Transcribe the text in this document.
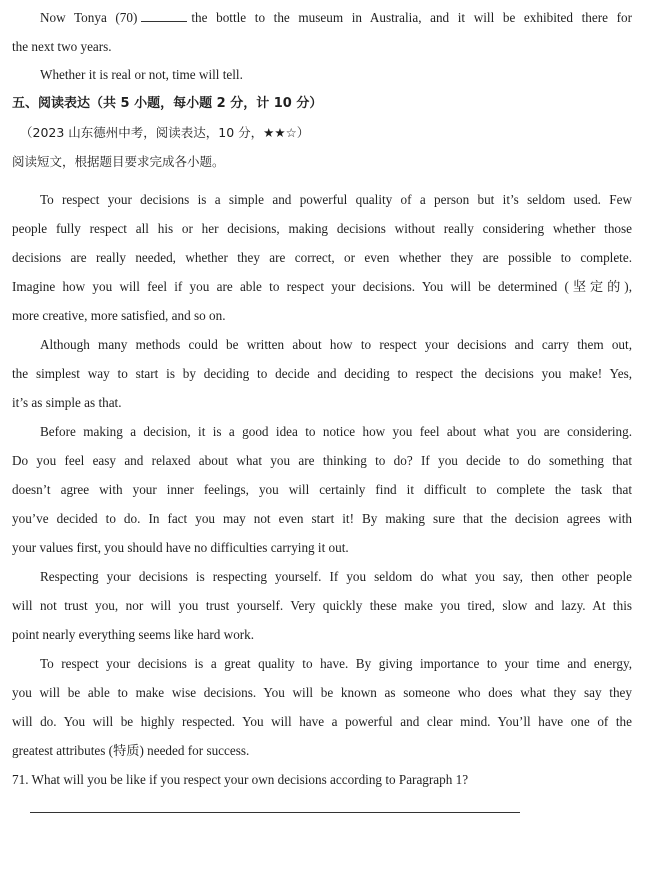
Now Tonya (70)	the bottle to the museum in Australia, and it will be exhibited there for
the next two years.
Whether it is real or not, time will tell.
五、阅读表达（共 5 小题，每小题 2 分，计 10 分）
（2023 山东德州中考，阅读表达，10 分，★★☆）
阅读短文，根据题目要求完成各小题。
To respect your decisions is a simple and powerful quality of a person but it’s seldom used. Few
people fully respect all his or her decisions, making decisions without really considering whether those
decisions are really needed, whether they are correct, or even whether they are possible to complete.
Imagine how you will feel if you are able to respect your decisions. You will be determined (坚定的),
more creative, more satisfied, and so on.
Although many methods could be written about how to respect your decisions and carry them out,
the simplest way to start is by deciding to decide and deciding to respect the decisions you make! Yes,
it’s as simple as that.
Before making a decision, it is a good idea to notice how you feel about what you are considering.
Do you feel easy and relaxed about what you are thinking to do? If you decide to do something that
doesn’t agree with your inner feelings, you will certainly find it difficult to complete the task that
you’ve decided to do. In fact you may not even start it! By making sure that the decision agrees with
your values first, you should have no difficulties carrying it out.
Respecting your decisions is respecting yourself. If you seldom do what you say, then other people
will not trust you, nor will you trust yourself. Very quickly these make you tired, slow and lazy. At this
point nearly everything seems like hard work.
To respect your decisions is a great quality to have. By giving importance to your time and energy,
you will be able to make wise decisions. You will be known as someone who does what they say they
will do. You will be highly respected. You will have a powerful and clear mind. You’ll have one of the
greatest attributes (特质) needed for success.
71. What will you be like if you respect your own decisions according to Paragraph 1?
